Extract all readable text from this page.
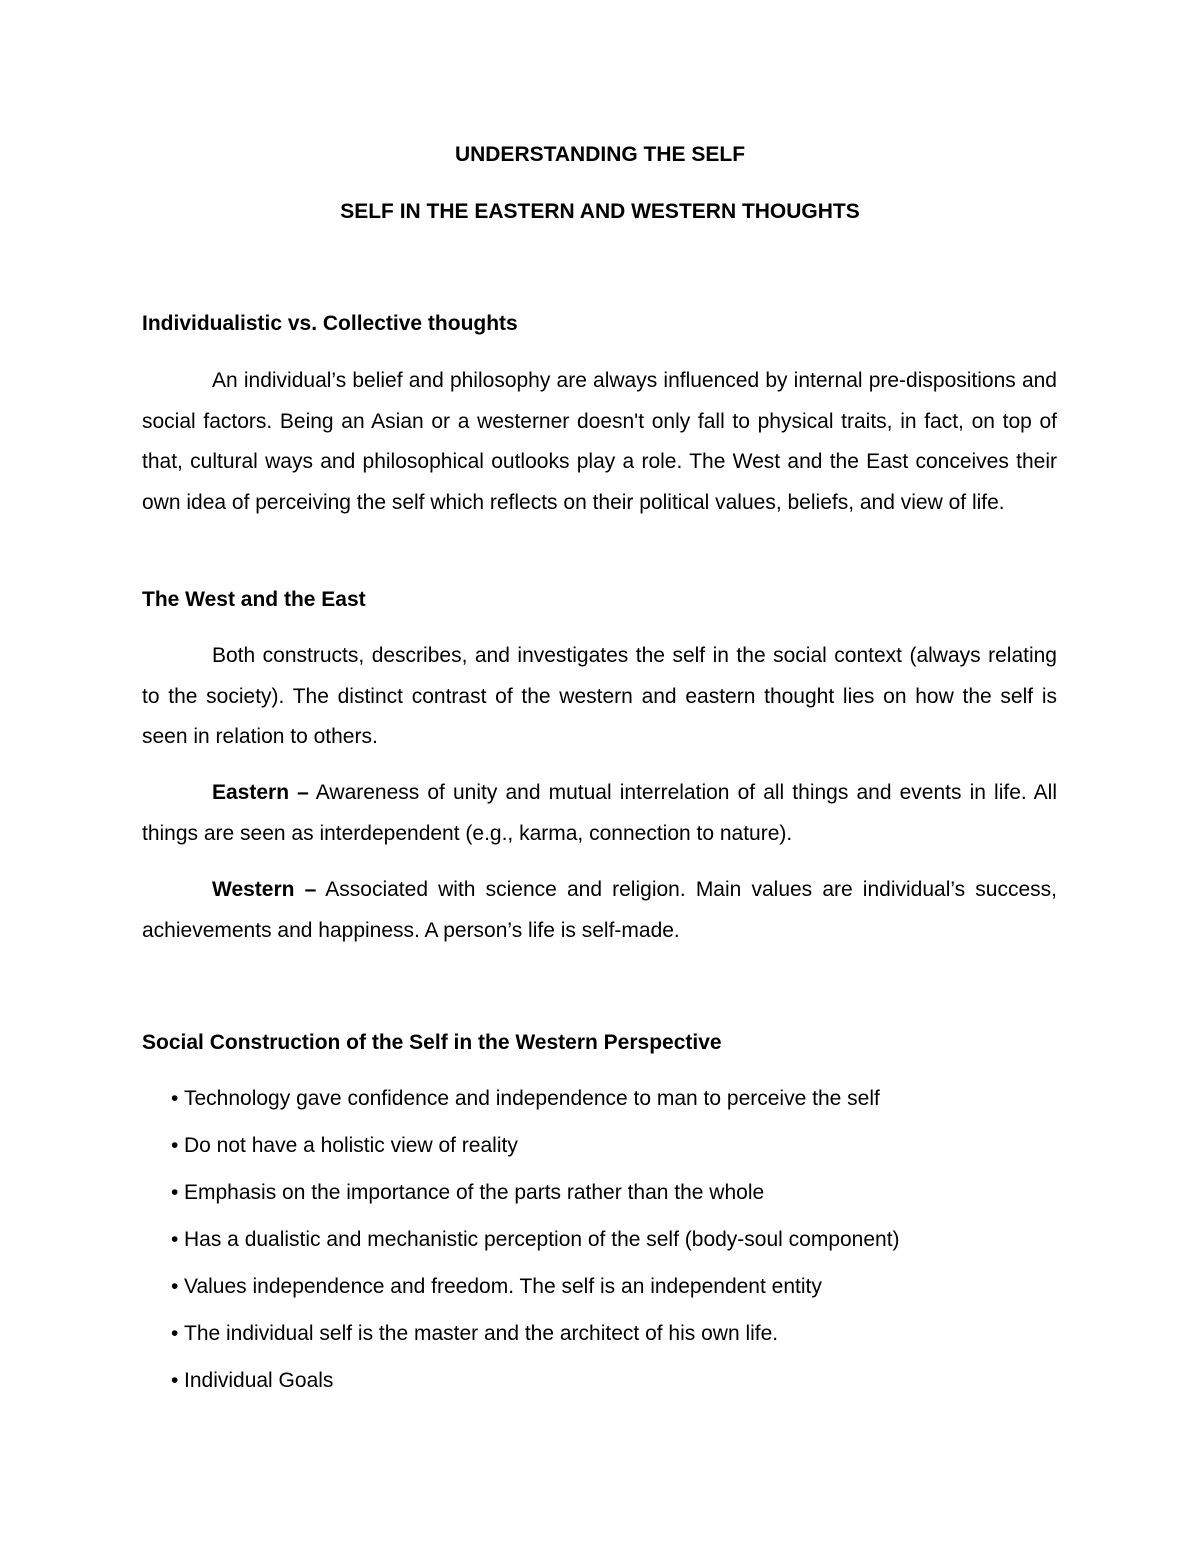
UNDERSTANDING THE SELF
SELF IN THE EASTERN AND WESTERN THOUGHTS
Individualistic vs. Collective thoughts

An individual’s belief and philosophy are always influenced by internal pre-dispositions and social factors. Being an Asian or a westerner doesn't only fall to physical traits, in fact, on top of that, cultural ways and philosophical outlooks play a role. The West and the East conceives their own idea of perceiving the self which reflects on their political values, beliefs, and view of life.

The West and the East

Both constructs, describes, and investigates the self in the social context (always relating to the society). The distinct contrast of the western and eastern thought lies on how the self is seen in relation to others.

Eastern – Awareness of unity and mutual interrelation of all things and events in life. All things are seen as interdependent (e.g., karma, connection to nature).

Western – Associated with science and religion. Main values are individual’s success, achievements and happiness. A person’s life is self-made.

Social Construction of the Self in the Western Perspective
• Technology gave confidence and independence to man to perceive the self
• Do not have a holistic view of reality
• Emphasis on the importance of the parts rather than the whole
• Has a dualistic and mechanistic perception of the self (body-soul component)
• Values independence and freedom. The self is an independent entity
• The individual self is the master and the architect of his own life.
• Individual Goals
